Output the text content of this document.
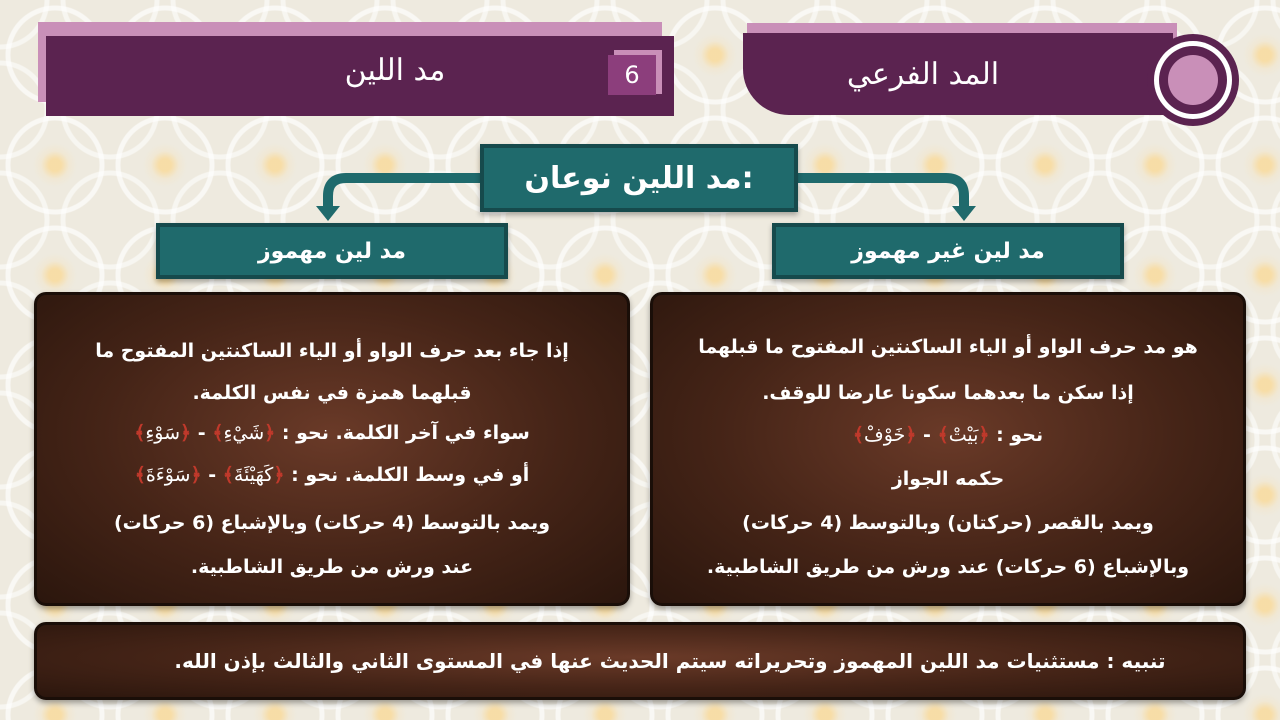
المد الفرعي
مد اللين	6
مد اللين نوعان:
مد لين مهموز	مد لين غير مهموز
هو مد حرف الواو أو الياء الساكنتين المفتوح ما قبلهما
إذا سكن ما بعدهما سكونا عارضا للوقف.
نحو : ﴿بَيْتْ﴾ - ﴿خَوْفْ﴾
حكمه الجواز
ويمد بالقصر (حركتان) وبالتوسط (4 حركات)
وبالإشباع (6 حركات) عند ورش من طريق الشاطبية.
إذا جاء بعد حرف الواو أو الياء الساكنتين المفتوح ما
قبلهما همزة في نفس الكلمة.
سواء في آخر الكلمة. نحو : ﴿شَيْءِ﴾ - ﴿سَوْءِ﴾
أو في وسط الكلمة. نحو : ﴿كَهَيْئَةَ﴾ - ﴿سَوْءَةَ﴾
ويمد بالتوسط (4 حركات) وبالإشباع (6 حركات)
عند ورش من طريق الشاطبية.
تنبيه : مستثنيات مد اللين المهموز وتحريراته سيتم الحديث عنها في المستوى الثاني والثالث بإذن الله.
